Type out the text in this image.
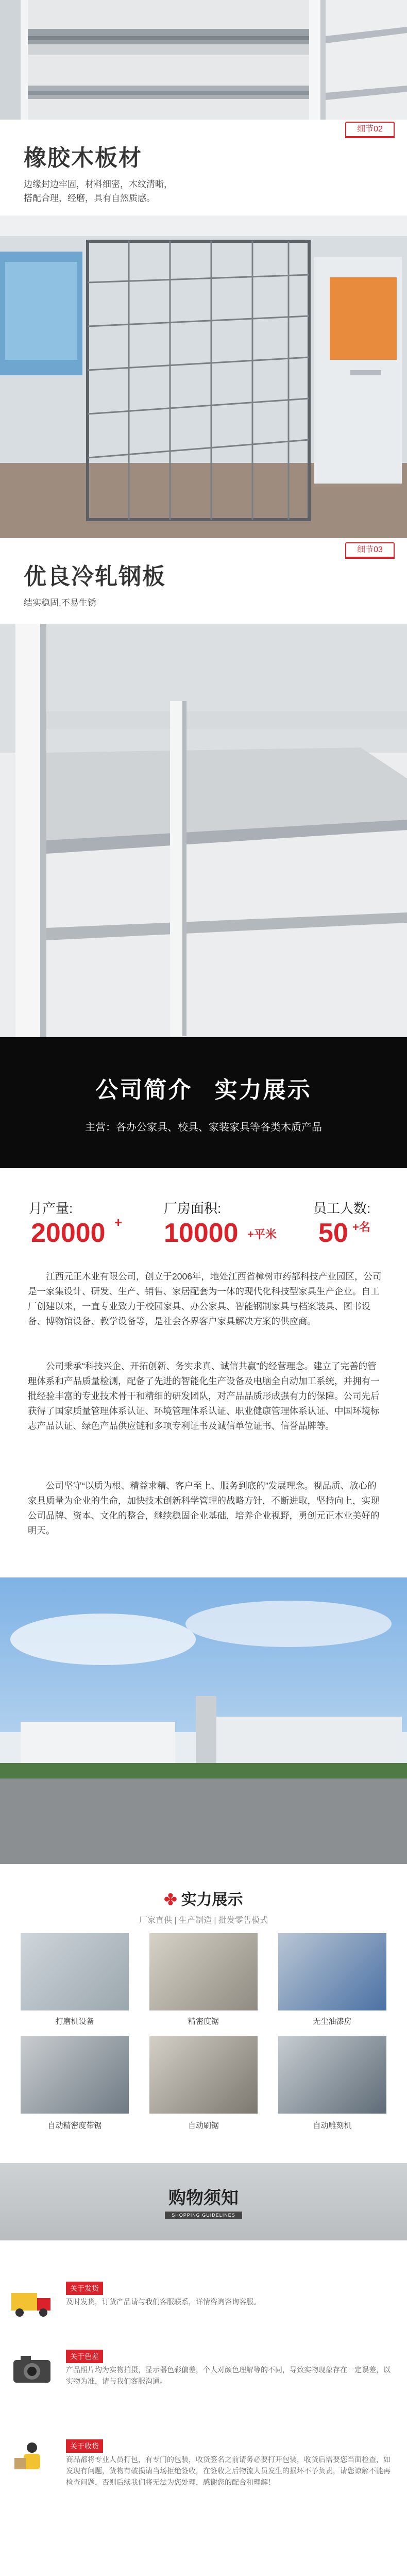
细节02
橡胶木板材
边缘封边牢固，材料细密，木纹清晰，
搭配合理，经磨，具有自然质感。
细节03
优良冷轧钢板
结实稳固,不易生锈
公司简介 实力展示
主营：各办公家具、校具、家装家具等各类木质产品
月产量:
20000 +
厂房面积:
10000 +平米
员工人数:
50 +名
江西元正木业有限公司，创立于2006年，地处江西省樟树市药都科技产业园区，公司是一家集设计、研发、生产、销售、家居配套为一体的现代化科技型家具生产企业。自工厂创建以来，一直专业致力于校园家具、办公家具、智能钢制家具与档案装具、图书设备、博物馆设备、教学设备等，是社会各界客户家具解决方案的供应商。
公司秉承“科技兴企、开拓创新、务实求真、诚信共赢”的经营理念。建立了完善的管理体系和产品质量检测，配备了先进的智能化生产设备及电脑全自动加工系统，并拥有一批经验丰富的专业技术骨干和精细的研发团队，对产品品质形成强有力的保障。公司先后获得了国家质量管理体系认证、环境管理体系认证、职业健康管理体系认证、中国环境标志产品认证、绿色产品供应链和多项专利证书及诚信单位证书、信誉品牌等。
公司坚守“以质为根、精益求精、客户至上、服务到底的”发展理念。视品质、放心的家具质量为企业的生命，加快技术创新科学管理的战略方针，不断进取，坚持向上，实现公司品牌、资本、文化的整合，继续稳固企业基础，培养企业视野，勇创元正木业美好的明天。
✤ 实力展示
厂家直供 | 生产制造 | 批发零售模式
打磨机设备	精密度锯	无尘油漆房
自动精密度带锯	自动刷锯	自动雕刻机
购物须知
SHOPPING GUIDELINES
关于发货
及时发货，订货产品请与我们客服联系，详情咨询咨询客服。
关于色差
产品照片均为实物拍摄，显示器色彩偏差，个人对颜色理解等的不同，导致实物现象存在一定误差，以实物为准，请与我们客服沟通。
关于收货
商品都将专业人员打包，有专门的包装，收货签名之前请务必要打开包装，收货后需要您当面检查，如发现有问题，货物有破损请当场拒绝签收，在签收之后物流人员发生的损坏不予负责，请您谅解不能再检查问题，否则后续我们将无法为您处理，感谢您的配合和理解！
